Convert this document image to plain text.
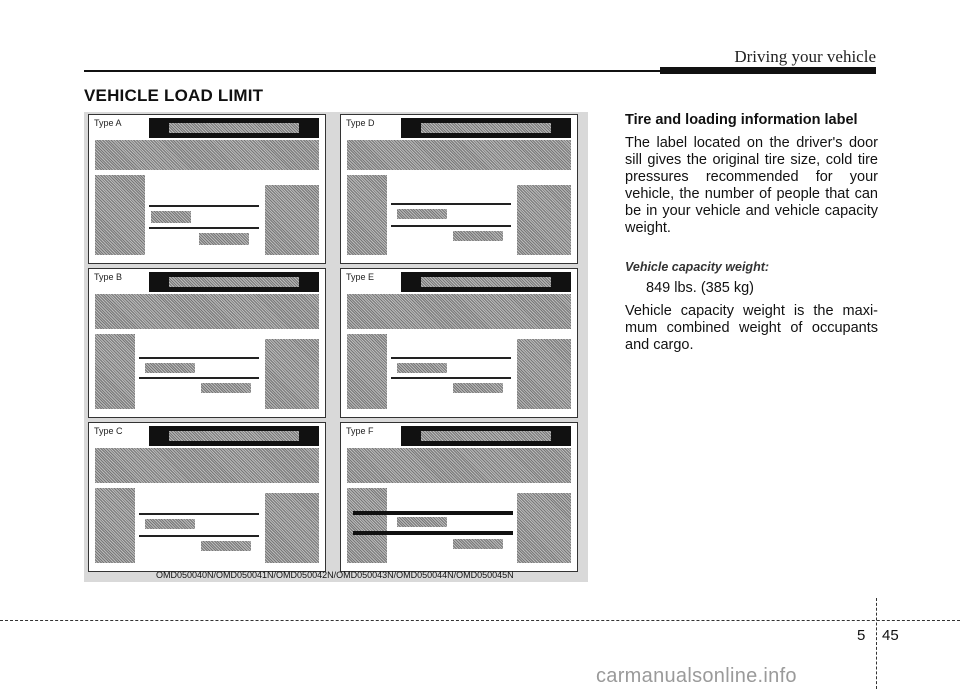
Driving your vehicle
VEHICLE LOAD LIMIT
Type A
Type B
Type C
Type D
Type E
Type F
OMD050040N/OMD050041N/OMD050042N/OMD050043N/OMD050044N/OMD050045N

Tire and loading information label

The label located on the driver's door sill gives the original tire size, cold tire pressures recommended for your vehicle, the number of people that can be in your vehicle and vehicle capacity weight.

Vehicle capacity weight:

849 lbs. (385 kg)

Vehicle capacity weight is the maxi-mum combined weight of occupants and cargo.

5 45
carmanualsonline.info
